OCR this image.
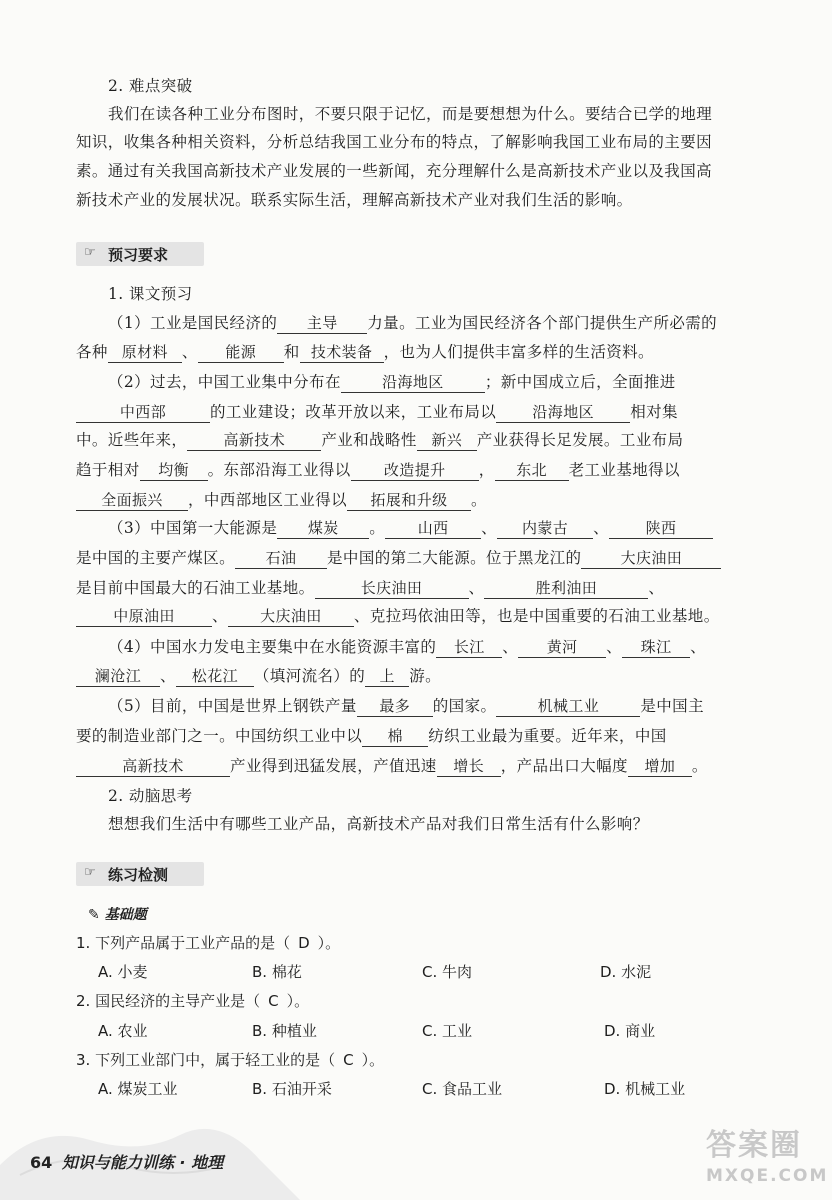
2. 难点突破
我们在读各种工业分布图时，不要只限于记忆，而是要想想为什么。要结合已学的地理
知识，收集各种相关资料，分析总结我国工业分布的特点，了解影响我国工业布局的主要因
素。通过有关我国高新技术产业发展的一些新闻，充分理解什么是高新技术产业以及我国高
新技术产业的发展状况。联系实际生活，理解高新技术产业对我们生活的影响。
☞ 预习要求
1. 课文预习
（1）工业是国民经济的 主导 力量。工业为国民经济各个部门提供生产所必需的
各种 原材料 、 能源 和 技术装备 ，也为人们提供丰富多样的生活资料。
（2）过去，中国工业集中分布在	沿海地区	；新中国成立后，全面推进
中西部	的工业建设；改革开放以来，工业布局以 沿海地区 相对集
中。近些年来， 高新技术 产业和战略性 新兴 产业获得长足发展。工业布局
趋于相对 均衡 。东部沿海工业得以 改造提升 ， 东北 老工业基地得以
全面振兴 ，中西部地区工业得以 拓展和升级 。
（3）中国第一大能源是 煤炭 。 山西 、 内蒙古 、 陕西
是中国的主要产煤区。 石油 是中国的第二大能源。位于黑龙江的	大庆油田
是目前中国最大的石油工业基地。	长庆油田	、	胜利油田	、
中原油田 、 大庆油田 、克拉玛依油田等，也是中国重要的石油工业基地。
（4）中国水力发电主要集中在水能资源丰富的 长江 、 黄河 、 珠江 、
澜沧江 、 松花江 （填河流名）的 上 游。
（5）目前，中国是世界上钢铁产量 最多 的国家。	机械工业	是中国主
要的制造业部门之一。中国纺织工业中以 棉 纺织工业最为重要。近年来，中国
高新技术	产业得到迅猛发展，产值迅速 增长 ，产品出口大幅度 增加 。
2. 动脑思考
想想我们生活中有哪些工业产品，高新技术产品对我们日常生活有什么影响？
☞ 练习检测
✎ 基础题
1. 下列产品属于工业产品的是（ D ）。
A. 小麦	B. 棉花	C. 牛肉	D. 水泥
2. 国民经济的主导产业是（ C ）。
A. 农业	B. 种植业	C. 工业	D. 商业
3. 下列工业部门中，属于轻工业的是（ C ）。
A. 煤炭工业	B. 石油开采	C. 食品工业	D. 机械工业
64 知识与能力训练 · 地理	答案圈
MXQE.COM
